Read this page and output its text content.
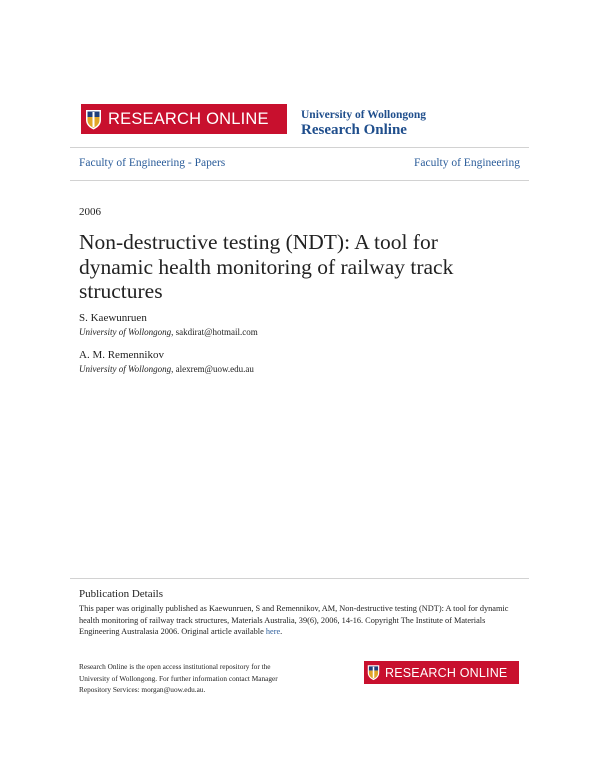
RESEARCH ONLINE	University of Wollongong
Research Online
Faculty of Engineering - Papers	Faculty of Engineering
2006
Non-destructive testing (NDT): A tool for dynamic health monitoring of railway track structures
S. Kaewunruen
University of Wollongong, sakdirat@hotmail.com
A. M. Remennikov
University of Wollongong, alexrem@uow.edu.au
Publication Details
This paper was originally published as Kaewunruen, S and Remennikov, AM, Non-destructive testing (NDT): A tool for dynamic health monitoring of railway track structures, Materials Australia, 39(6), 2006, 14-16. Copyright The Institute of Materials Engineering Australasia 2006. Original article available here.
Research Online is the open access institutional repository for the University of Wollongong. For further information contact Manager Repository Services: morgan@uow.edu.au.
RESEARCH ONLINE
